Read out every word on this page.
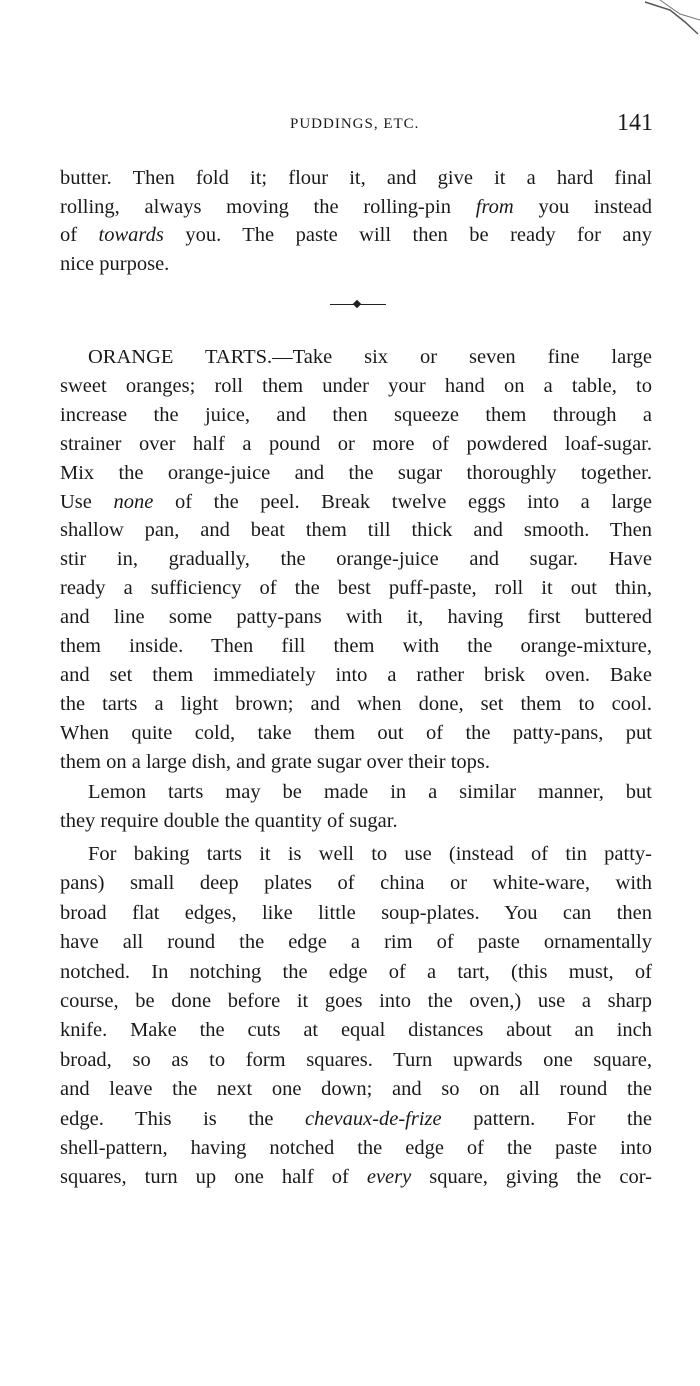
PUDDINGS, ETC.	141
butter. Then fold it; flour it, and give it a hard final
rolling, always moving the rolling-pin from you instead
of towards you. The paste will then be ready for any
nice purpose.
ORANGE TARTS.—Take six or seven fine large
sweet oranges; roll them under your hand on a table, to
increase the juice, and then squeeze them through a
strainer over half a pound or more of powdered loaf-sugar.
Mix the orange-juice and the sugar thoroughly together.
Use none of the peel. Break twelve eggs into a large
shallow pan, and beat them till thick and smooth. Then
stir in, gradually, the orange-juice and sugar. Have
ready a sufficiency of the best puff-paste, roll it out thin,
and line some patty-pans with it, having first buttered
them inside. Then fill them with the orange-mixture,
and set them immediately into a rather brisk oven. Bake
the tarts a light brown; and when done, set them to cool.
When quite cold, take them out of the patty-pans, put
them on a large dish, and grate sugar over their tops.
Lemon tarts may be made in a similar manner, but
they require double the quantity of sugar.
For baking tarts it is well to use (instead of tin patty-
pans) small deep plates of china or white-ware, with
broad flat edges, like little soup-plates. You can then
have all round the edge a rim of paste ornamentally
notched. In notching the edge of a tart, (this must, of
course, be done before it goes into the oven,) use a sharp
knife. Make the cuts at equal distances about an inch
broad, so as to form squares. Turn upwards one square,
and leave the next one down; and so on all round the
edge. This is the chevaux-de-frize pattern. For the
shell-pattern, having notched the edge of the paste into
squares, turn up one half of every square, giving the cor-
